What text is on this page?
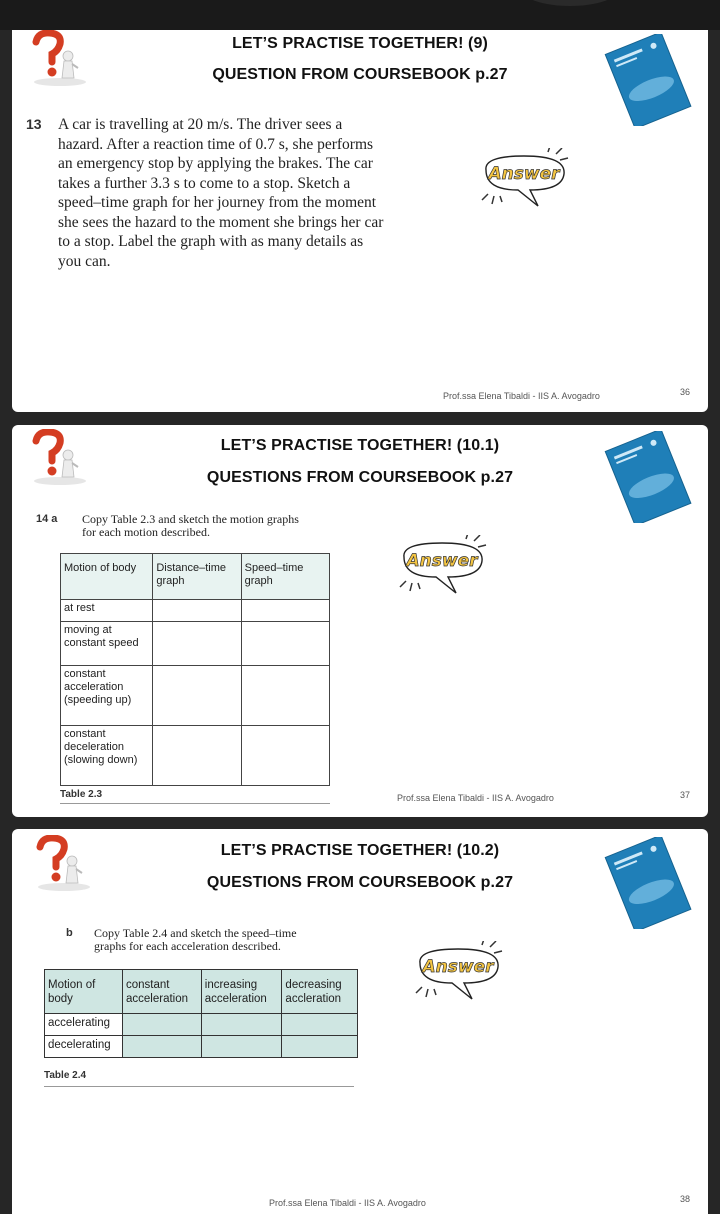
LET’S PRACTISE TOGETHER! (9)
QUESTION FROM COURSEBOOK p.27
13 A car is travelling at 20 m/s. The driver sees a
hazard. After a reaction time of 0.7 s, she performs
an emergency stop by applying the brakes. The car
takes a further 3.3 s to come to a stop. Sketch a
speed–time graph for her journey from the moment
she sees the hazard to the moment she brings her car
to a stop. Label the graph with as many details as
you can.
Answer
Prof.ssa Elena Tibaldi - IIS A. Avogadro	36
LET’S PRACTISE TOGETHER! (10.1)
QUESTIONS FROM COURSEBOOK p.27
14 a Copy Table 2.3 and sketch the motion graphs
for each motion described.
Motion of body	Distance–time graph	Speed–time graph
at rest		
moving at constant speed		
constant acceleration (speeding up)		
constant deceleration (slowing down)		
Table 2.3
Answer
Prof.ssa Elena Tibaldi - IIS A. Avogadro	37
LET’S PRACTISE TOGETHER! (10.2)
QUESTIONS FROM COURSEBOOK p.27
b Copy Table 2.4 and sketch the speed–time
graphs for each acceleration described.
Motion of body	constant acceleration	increasing acceleration	decreasing accleration
accelerating			
decelerating			
Table 2.4
Answer
Prof.ssa Elena Tibaldi - IIS A. Avogadro	38
